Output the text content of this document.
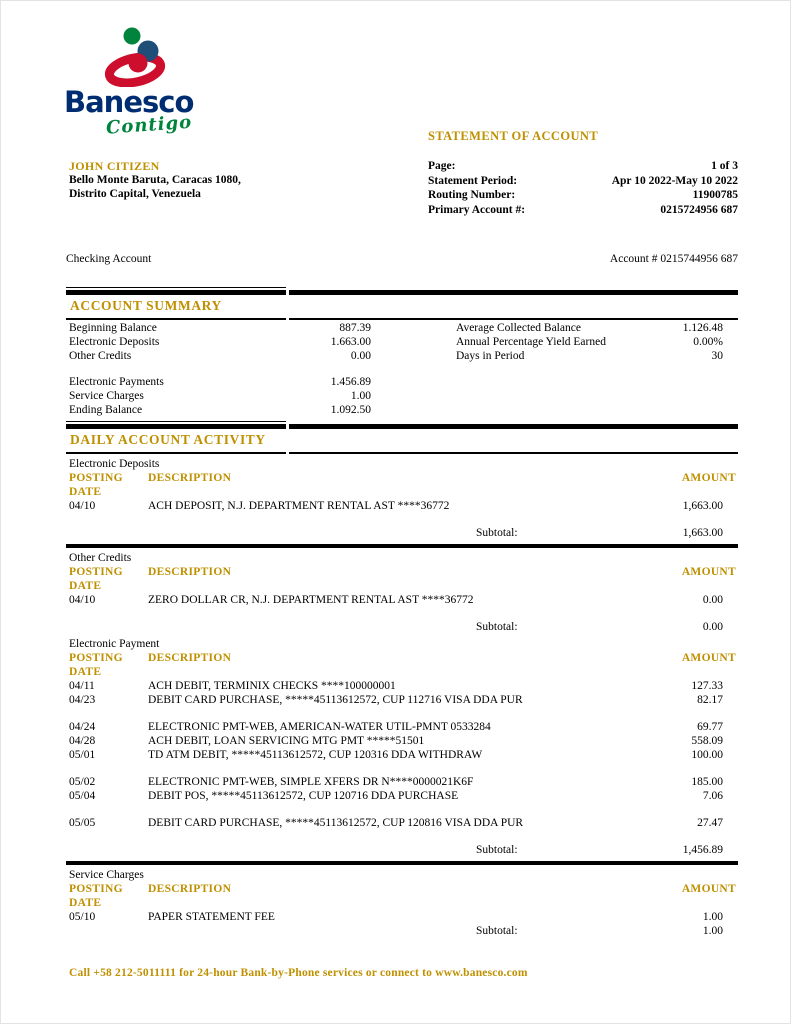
Banesco
Contigo	STATEMENT OF ACCOUNT
JOHN CITIZEN
Bello Monte Baruta, Caracas 1080,
Distrito Capital, Venezuela
Page:	1 of 3
Statement Period:	Apr 10 2022-May 10 2022
Routing Number:	11900785
Primary Account #:	0215724956 687
Checking Account	Account # 0215744956 687
ACCOUNT SUMMARY
Beginning Balance	887.39
Electronic Deposits	1.663.00
Other Credits	0.00
Electronic Payments	1.456.89
Service Charges	1.00
Ending Balance	1.092.50
Average Collected Balance	1.126.48
Annual Percentage Yield Earned	0.00%
Days in Period	30
DAILY ACCOUNT ACTIVITY
Electronic Deposits
POSTING DATE
DESCRIPTION	AMOUNT
04/10	ACH DEPOSIT, N.J. DEPARTMENT RENTAL AST ****36772	1,663.00
Subtotal:	1,663.00
Other Credits
POSTING DATE
DESCRIPTION	AMOUNT
04/10	ZERO DOLLAR CR, N.J. DEPARTMENT RENTAL AST ****36772	0.00
Subtotal:	0.00
Electronic Payment
POSTING DATE
DESCRIPTION	AMOUNT
04/11	ACH DEBIT, TERMINIX CHECKS ****100000001	127.33
04/23	DEBIT CARD PURCHASE, *****45113612572, CUP 112716 VISA DDA PUR	82.17
04/24	ELECTRONIC PMT-WEB, AMERICAN-WATER UTIL-PMNT 0533284	69.77
04/28	ACH DEBIT, LOAN SERVICING MTG PMT *****51501	558.09
05/01	TD ATM DEBIT, *****45113612572, CUP 120316 DDA WITHDRAW	100.00
05/02	ELECTRONIC PMT-WEB, SIMPLE XFERS DR N****0000021K6F	185.00
05/04	DEBIT POS, *****45113612572, CUP 120716 DDA PURCHASE	7.06
05/05	DEBIT CARD PURCHASE, *****45113612572, CUP 120816 VISA DDA PUR	27.47
Subtotal:	1,456.89
Service Charges
POSTING DATE
DESCRIPTION	AMOUNT
05/10	PAPER STATEMENT FEE	1.00
Subtotal:	1.00
Call +58 212-5011111 for 24-hour Bank-by-Phone services or connect to www.banesco.com
